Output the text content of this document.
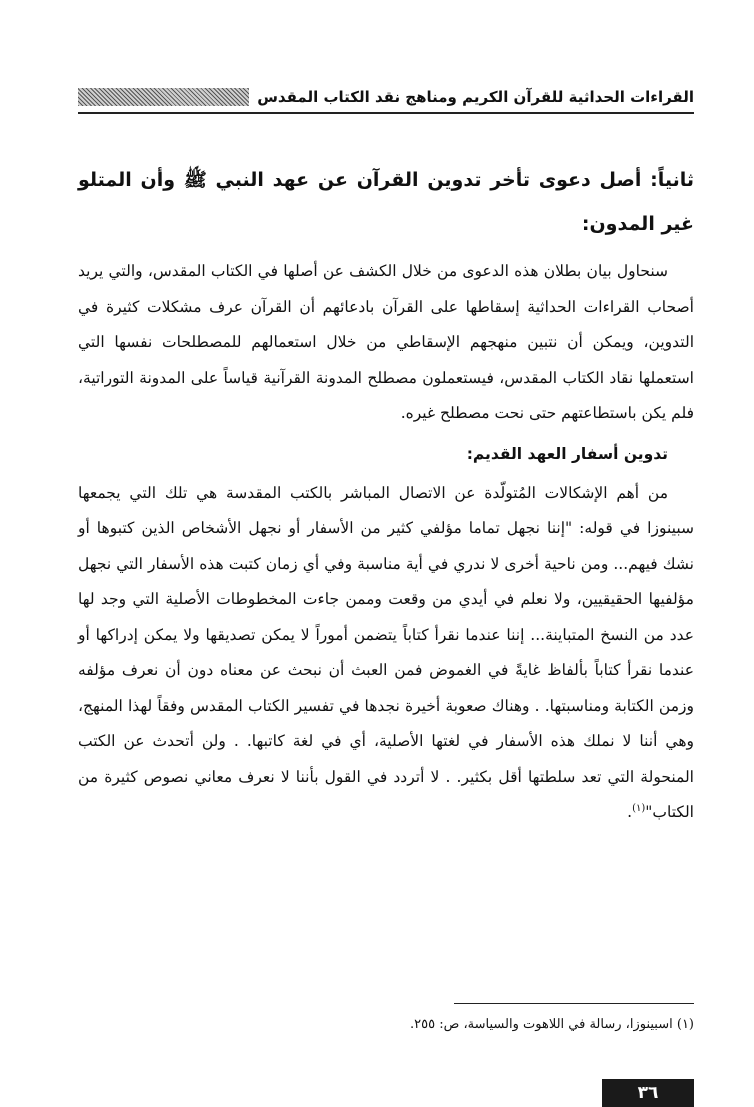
القراءات الحداثية للقرآن الكريم ومناهج نقد الكتاب المقدس
ثانياً: أصل دعوى تأخر تدوين القرآن عن عهد النبي ﷺ وأن المتلو غير المدون:

سنحاول بيان بطلان هذه الدعوى من خلال الكشف عن أصلها في الكتاب المقدس، والتي يريد أصحاب القراءات الحداثية إسقاطها على القرآن بادعائهم أن القرآن عرف مشكلات كثيرة في التدوين، ويمكن أن نتبين منهجهم الإسقاطي من خلال استعمالهم للمصطلحات نفسها التي استعملها نقاد الكتاب المقدس، فيستعملون مصطلح المدونة القرآنية قياساً على المدونة التوراتية، فلم يكن باستطاعتهم حتى نحت مصطلح غيره.

تدوين أسفار العهد القديم:

من أهم الإشكالات المُتولّدة عن الاتصال المباشر بالكتب المقدسة هي تلك التي يجمعها سبينوزا في قوله: "إننا نجهل تماما مؤلفي كثير من الأسفار أو نجهل الأشخاص الذين كتبوها أو نشك فيهم... ومن ناحية أخرى لا ندري في أية مناسبة وفي أي زمان كتبت هذه الأسفار التي نجهل مؤلفيها الحقيقيين، ولا نعلم في أيدي من وقعت وممن جاءت المخطوطات الأصلية التي وجد لها عدد من النسخ المتباينة... إننا عندما نقرأ كتاباً يتضمن أموراً لا يمكن تصديقها ولا يمكن إدراكها أو عندما نقرأ كتاباً بألفاظ غايةً في الغموض فمن العبث أن نبحث عن معناه دون أن نعرف مؤلفه وزمن الكتابة ومناسبتها. . وهناك صعوبة أخيرة نجدها في تفسير الكتاب المقدس وفقاً لهذا المنهج، وهي أننا لا نملك هذه الأسفار في لغتها الأصلية، أي في لغة كاتبها. . ولن أتحدث عن الكتب المنحولة التي تعد سلطتها أقل بكثير. . لا أتردد في القول بأننا لا نعرف معاني نصوص كثيرة من الكتاب"$^{(١)}$.

(١) اسبينوزا، رسالة في اللاهوت والسياسة، ص: ٢٥٥.
٣٦
